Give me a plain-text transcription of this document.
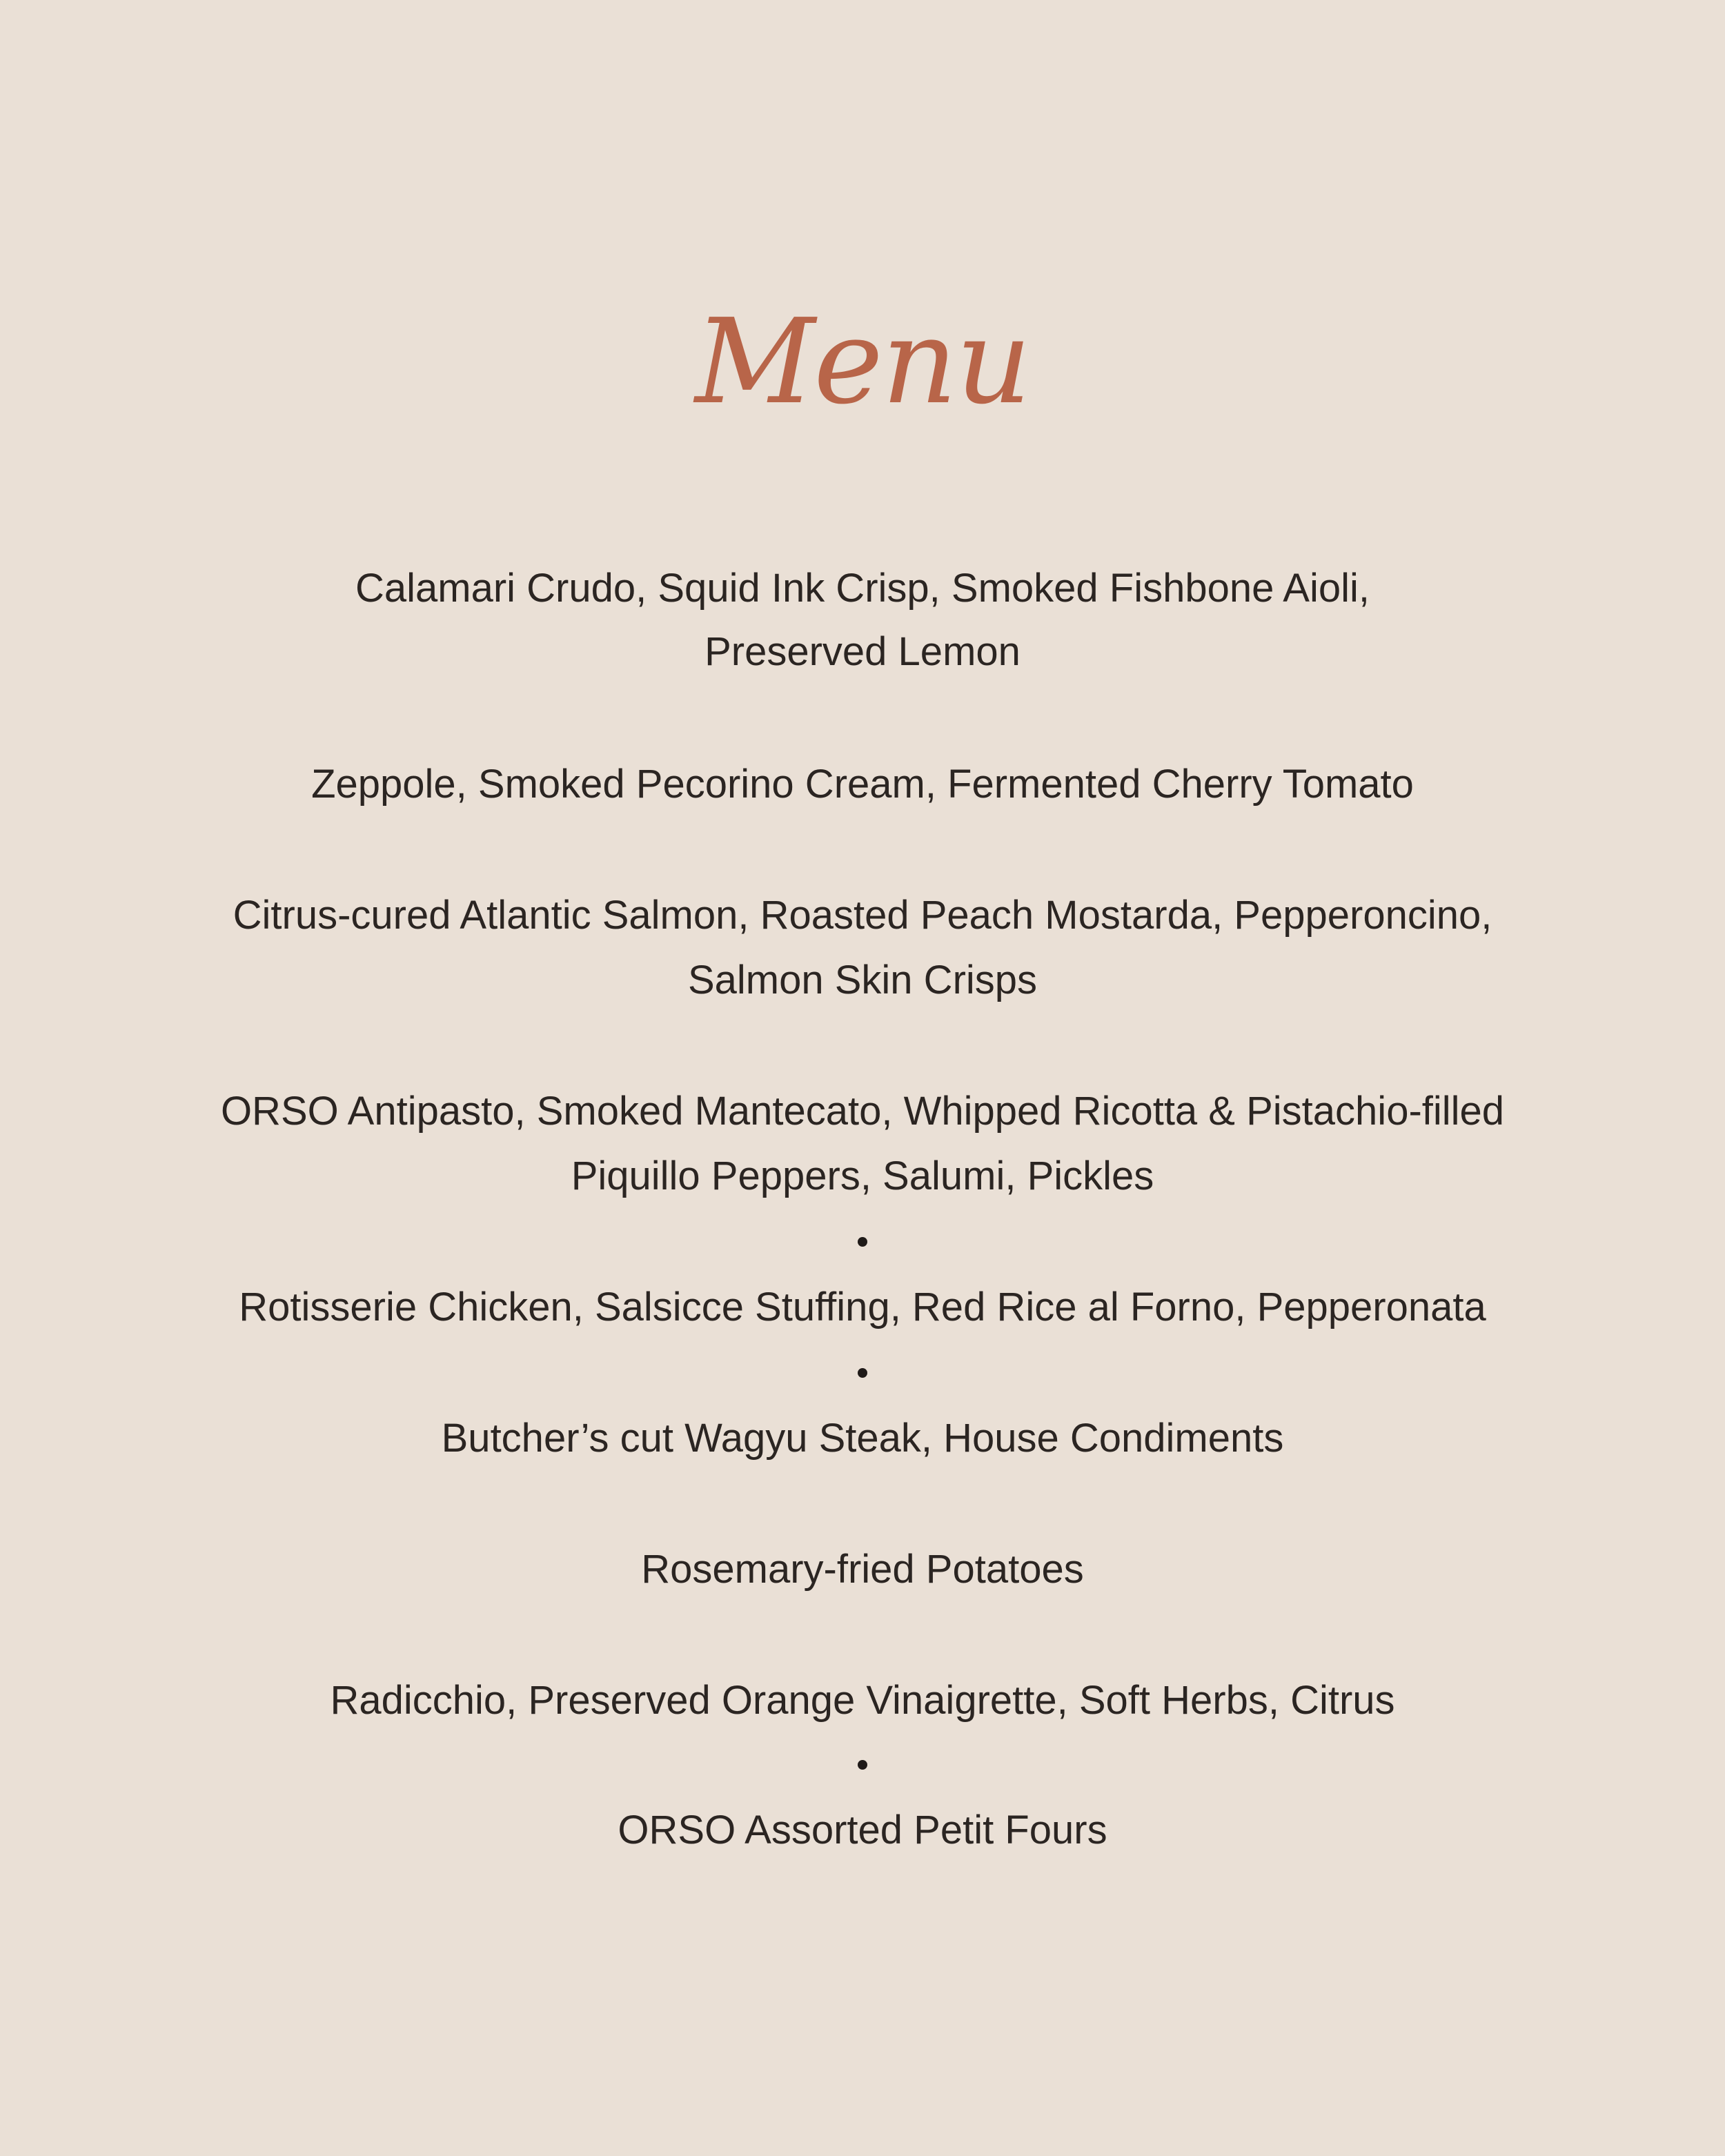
Menu
Calamari Crudo, Squid Ink Crisp, Smoked Fishbone Aioli,
Preserved Lemon
Zeppole, Smoked Pecorino Cream, Fermented Cherry Tomato
Citrus-cured Atlantic Salmon, Roasted Peach Mostarda, Pepperoncino,
Salmon Skin Crisps
ORSO Antipasto, Smoked Mantecato, Whipped Ricotta & Pistachio-filled
Piquillo Peppers, Salumi, Pickles
Rotisserie Chicken, Salsicce Stuffing, Red Rice al Forno, Pepperonata
Butcher’s cut Wagyu Steak, House Condiments
Rosemary-fried Potatoes
Radicchio, Preserved Orange Vinaigrette, Soft Herbs, Citrus
ORSO Assorted Petit Fours
